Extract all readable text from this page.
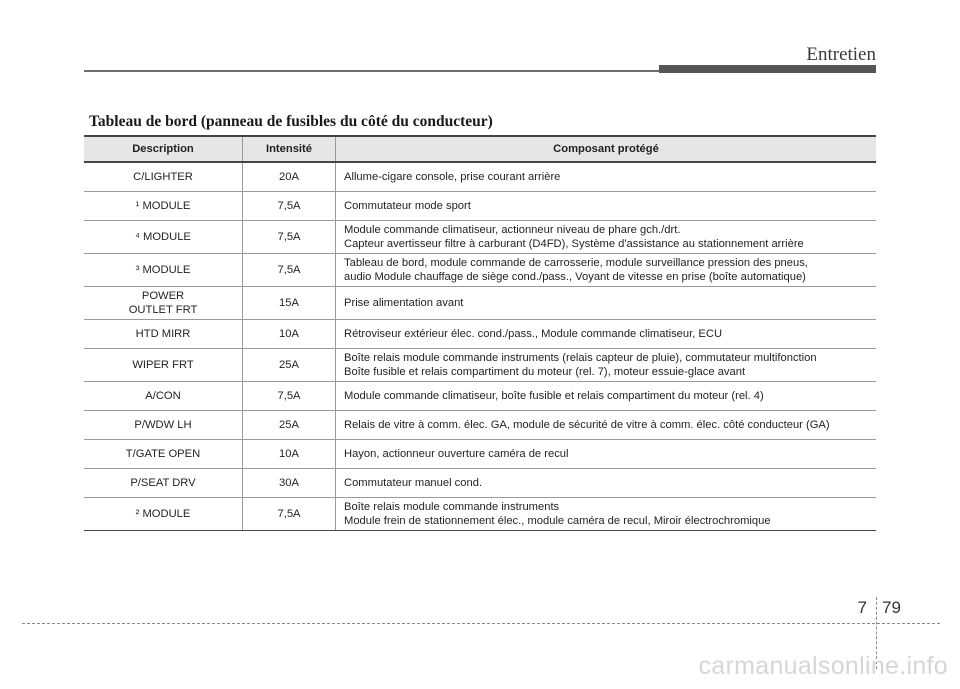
Entretien
Tableau de bord (panneau de fusibles du côté du conducteur)
Description	Intensité	Composant protégé
C/LIGHTER	20A	Allume-cigare console, prise courant arrière
¹ MODULE	7,5A	Commutateur mode sport
⁴ MODULE	7,5A	Module commande climatiseur, actionneur niveau de phare gch./drt.
Capteur avertisseur filtre à carburant (D4FD), Système d'assistance au stationnement arrière
³ MODULE	7,5A	Tableau de bord, module commande de carrosserie, module surveillance pression des pneus,
audio Module chauffage de siège cond./pass., Voyant de vitesse en prise (boîte automatique)
POWER
OUTLET FRT	15A	Prise alimentation avant
HTD MIRR	10A	Rétroviseur extérieur élec. cond./pass., Module commande climatiseur, ECU
WIPER FRT	25A	Boîte relais module commande instruments (relais capteur de pluie), commutateur multifonction
Boîte fusible et relais compartiment du moteur (rel. 7), moteur essuie-glace avant
A/CON	7,5A	Module commande climatiseur, boîte fusible et relais compartiment du moteur (rel. 4)
P/WDW LH	25A	Relais de vitre à comm. élec. GA, module de sécurité de vitre à comm. élec. côté conducteur (GA)
T/GATE OPEN	10A	Hayon, actionneur ouverture caméra de recul
P/SEAT DRV	30A	Commutateur manuel cond.
² MODULE	7,5A	Boîte relais module commande instruments
Module frein de stationnement élec., module caméra de recul, Miroir électrochromique
7 79
carmanualsonline.info
